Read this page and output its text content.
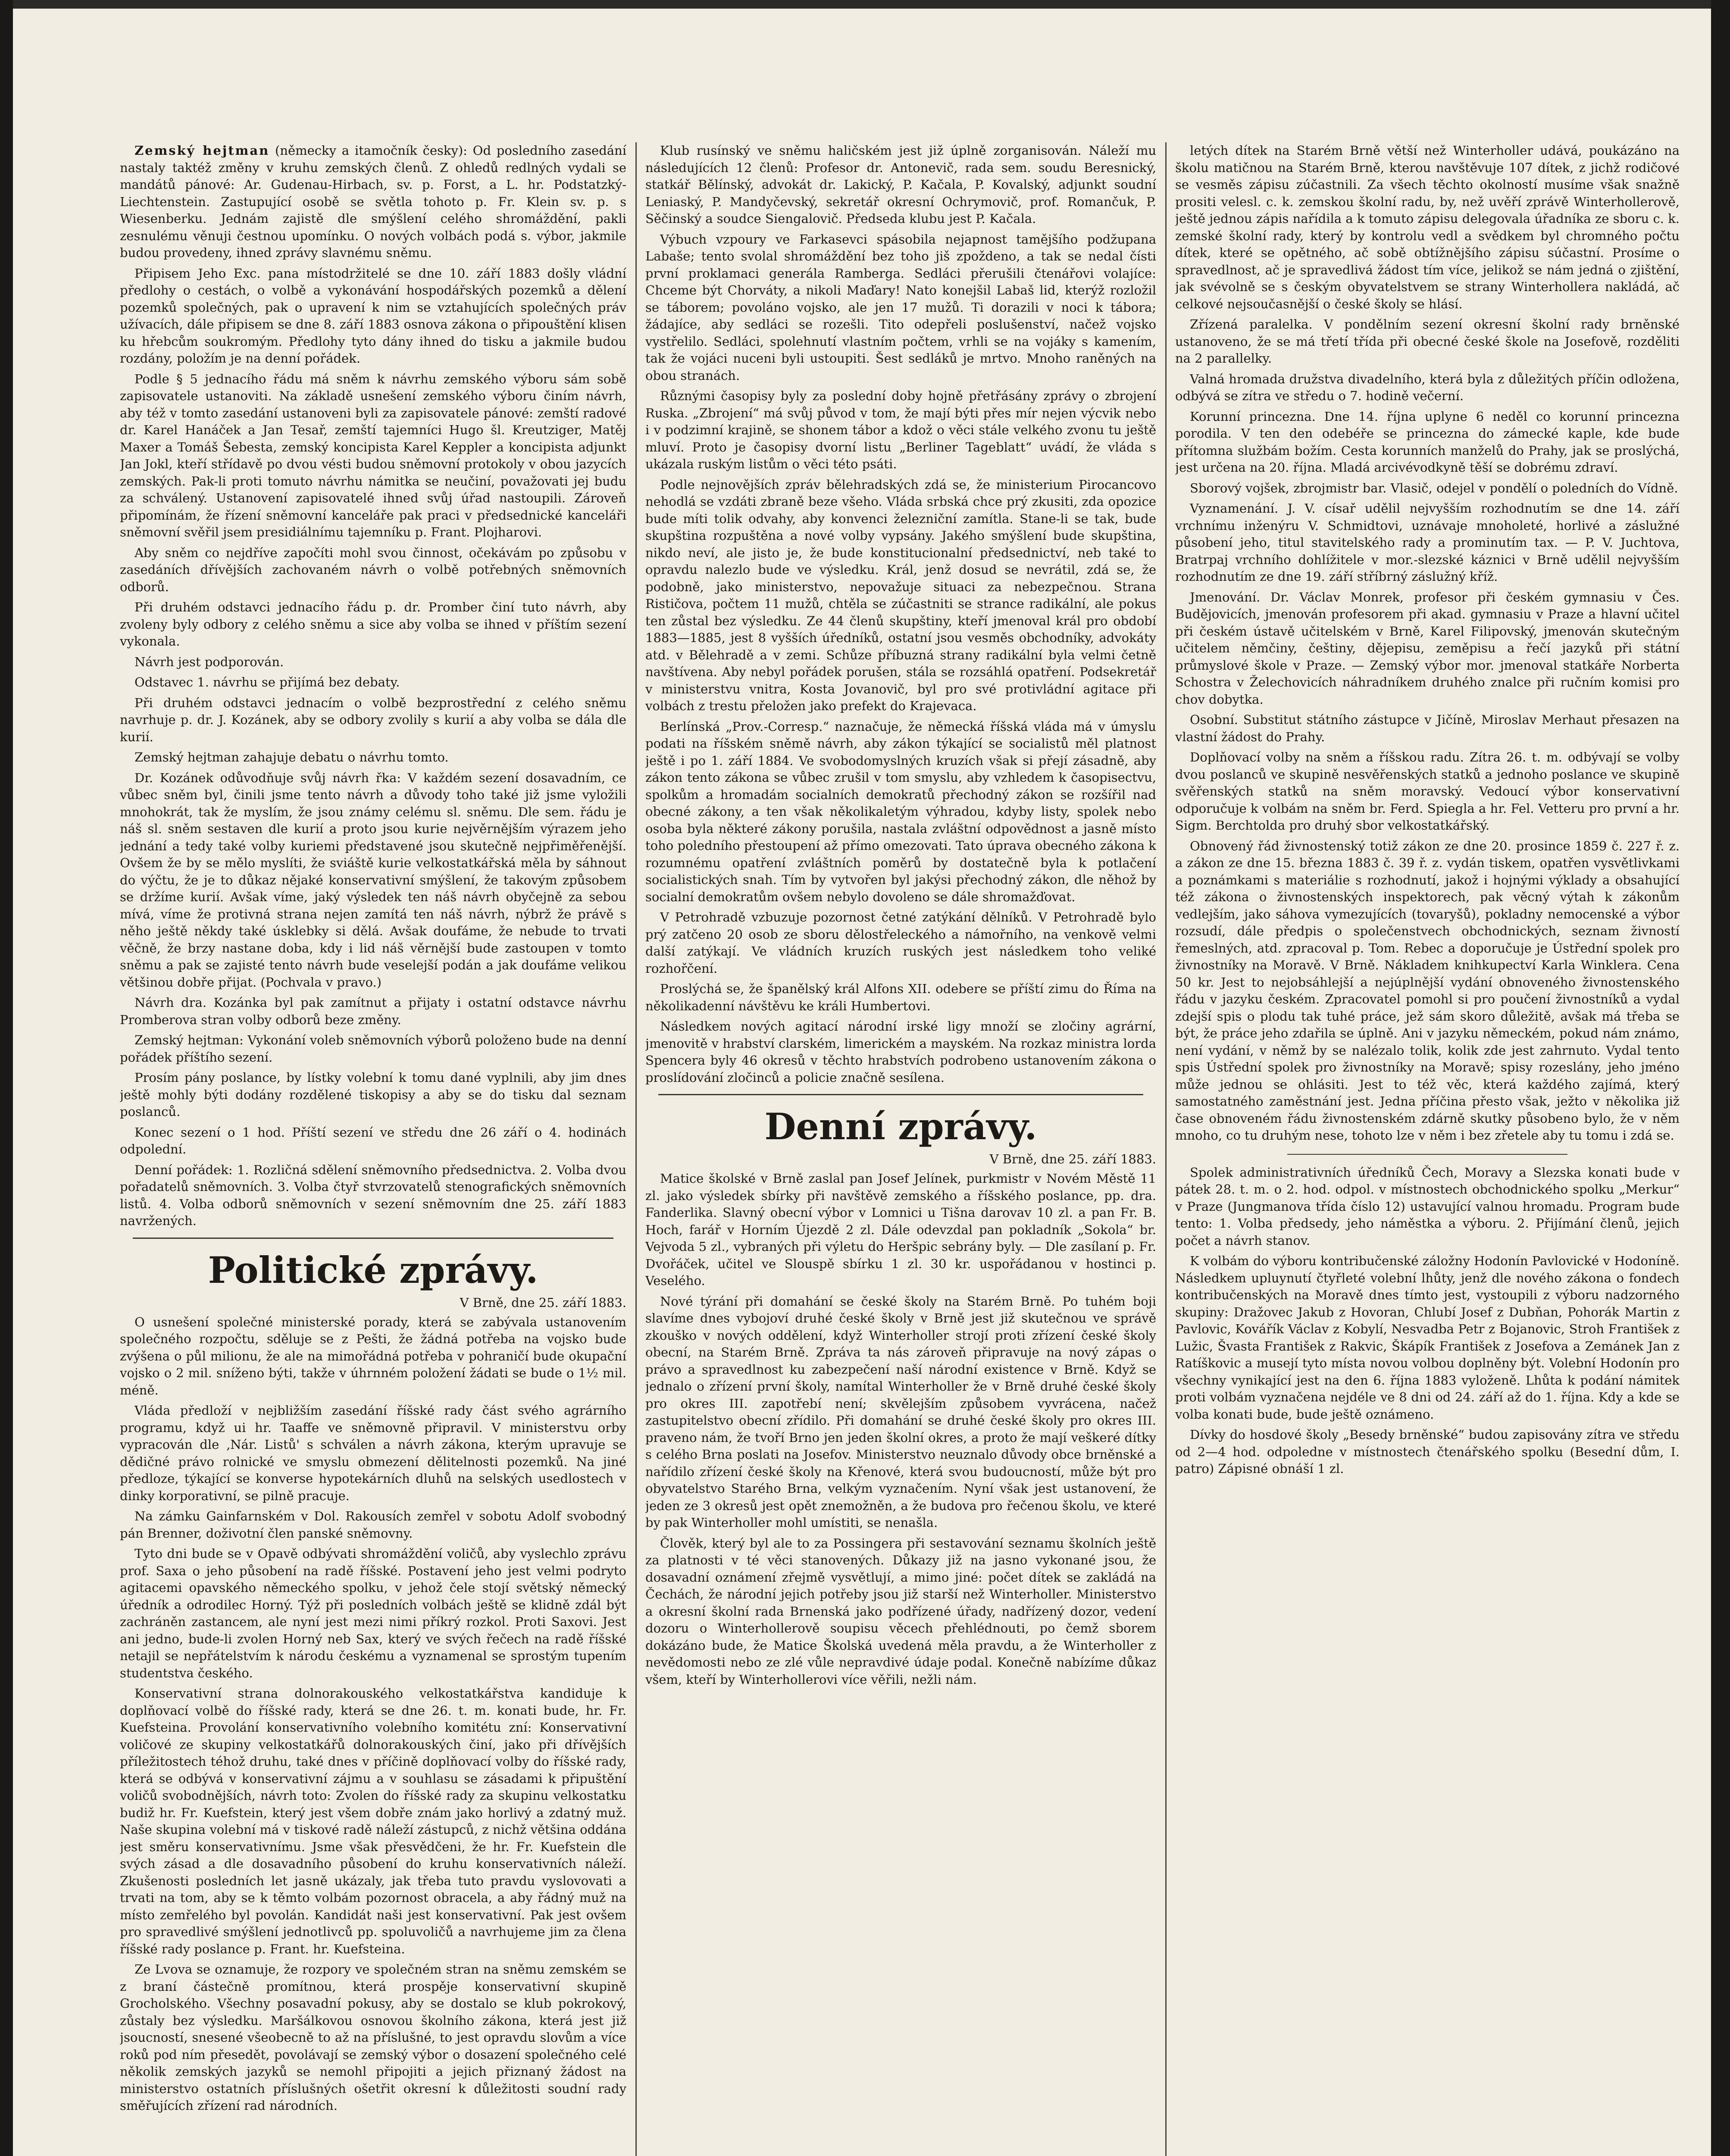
Zemský hejtman (německy a itamočník česky): Od posledního zasedání nastaly taktéž změny v kruhu zemských členů. Z ohledů redlných vydali se mandátů pánové: Ar. Gudenau-Hirbach, sv. p. Forst, a L. hr. Podstatzký-Liechtenstein. Zastupující osobě se světla tohoto p. Fr. Klein sv. p. s Wiesenberku. Jednám zajistě dle smýšlení celého shromáždění, pakli zesnulému věnuji čestnou upomínku. O nových volbách podá s. výbor, jakmile budou provedeny, ihned zprávy slavnému sněmu.

Připisem Jeho Exc. pana místodržitelé se dne 10. září 1883 došly vládní předlohy o cestách, o volbě a vykonávání hospodářských pozemků a dělení pozemků společných, pak o upravení k nim se vztahujících společných práv užívacích, dále připisem se dne 8. září 1883 osnova zákona o připouštění klisen ku hřebcům soukromým. Předlohy tyto dány ihned do tisku a jakmile budou rozdány, položím je na denní pořádek.

Podle § 5 jednacího řádu má sněm k návrhu zemského výboru sám sobě zapisovatele ustanoviti. Na základě usnešení zemského výboru činím návrh, aby též v tomto zasedání ustanoveni byli za zapisovatele pánové: zemští radové dr. Karel Hanáček a Jan Tesař, zemští tajemníci Hugo šl. Kreutziger, Matěj Maxer a Tomáš Šebesta, zemský koncipista Karel Keppler a koncipista adjunkt Jan Jokl, kteří střídavě po dvou vésti budou sněmovní protokoly v obou jazycích zemských. Pak-li proti tomuto návrhu námitka se neučiní, považovati jej budu za schválený. Ustanovení zapisovatelé ihned svůj úřad nastoupili. Zároveň připomínám, že řízení sněmovní kanceláře pak praci v předsednické kanceláři sněmovní svěřil jsem presidiálnímu tajemníku p. Frant. Plojharovi.

Aby sněm co nejdříve započíti mohl svou činnost, očekávám po způsobu v zasedáních dřívějších zachovaném návrh o volbě potřebných sněmovních odborů.

Při druhém odstavci jednacího řádu p. dr. Promber činí tuto návrh, aby zvoleny byly odbory z celého sněmu a sice aby volba se ihned v příštím sezení vykonala.

Návrh jest podporován.

Odstavec 1. návrhu se přijímá bez debaty.

Při druhém odstavci jednacím o volbě bezprostřední z celého sněmu navrhuje p. dr. J. Kozánek, aby se odbory zvolily s kurií a aby volba se dála dle kurií.

Zemský hejtman zahajuje debatu o návrhu tomto.

Dr. Kozánek odůvodňuje svůj návrh řka: V každém sezení dosavadním, ce vůbec sněm byl, činili jsme tento návrh a důvody toho také již jsme vyložili mnohokrát, tak že myslím, že jsou známy celému sl. sněmu. Dle sem. řádu je náš sl. sněm sestaven dle kurií a proto jsou kurie nejvěrnějším výrazem jeho jednání a tedy také volby kuriemi představené jsou skutečně nejpřiměřenější. Ovšem že by se mělo myslíti, že sviáště kurie velkostatkářská měla by sáhnout do výčtu, že je to důkaz nějaké konservativní smýšlení, že takovým způsobem se držíme kurií. Avšak víme, jaký výsledek ten náš návrh obyčejně za sebou mívá, víme že protivná strana nejen zamítá ten náš návrh, nýbrž že právě s něho ještě někdy také úsklebky si dělá. Avšak doufáme, že nebude to trvati věčně, že brzy nastane doba, kdy i lid náš věrnější bude zastoupen v tomto sněmu a pak se zajisté tento návrh bude veselejší podán a jak doufáme velikou většinou dobře přijat. (Pochvala v pravo.)

Návrh dra. Kozánka byl pak zamítnut a přijaty i ostatní odstavce návrhu Promberova stran volby odborů beze změny.

Zemský hejtman: Vykonání voleb sněmovních výborů položeno bude na denní pořádek příštího sezení.

Prosím pány poslance, by lístky volební k tomu dané vyplnili, aby jim dnes ještě mohly býti dodány rozdělené tiskopisy a aby se do tisku dal seznam poslanců.

Konec sezení o 1 hod. Příští sezení ve středu dne 26 září o 4. hodinách odpolední.

Denní pořádek: 1. Rozličná sdělení sněmovního předsednictva. 2. Volba dvou pořadatelů sněmovních. 3. Volba čtyř stvrzovatelů stenografických sněmovních listů. 4. Volba odborů sněmovních v sezení sněmovním dne 25. září 1883 navržených.

Politické zprávy.
V Brně, dne 25. září 1883.

O usnešení společné ministerské porady, která se zabývala ustanovením společného rozpočtu, sděluje se z Pešti, že žádná potřeba na vojsko bude zvýšena o půl milionu, že ale na mimořádná potřeba v pohraničí bude okupační vojsko o 2 mil. sníženo býti, takže v úhrnném položení žádati se bude o 1½ mil. méně.

Vláda předloží v nejbližším zasedání říšské rady část svého agrárního programu, když ui hr. Taaffe ve sněmovně připravil. V ministerstvu orby vypracován dle ‚Nár. Listů' s schválen a návrh zákona, kterým upravuje se dědičné právo rolnické ve smyslu obmezení dělitelnosti pozemků. Na jiné předloze, týkající se konverse hypotekárních dluhů na selských usedlostech v dinky korporativní, se pilně pracuje.

Na zámku Gainfarnském v Dol. Rakousích zemřel v sobotu Adolf svobodný pán Brenner, doživotní člen panské sněmovny.

Tyto dni bude se v Opavě odbývati shromáždění voličů, aby vyslechlo zprávu prof. Saxa o jeho působení na radě říšské. Postavení jeho jest velmi podryto agitacemi opavského německého spolku, v jehož čele stojí světský německý úředník a odrodilec Horný. Týž při posledních volbách ještě se klidně zdál být zachráněn zastancem, ale nyní jest mezi nimi příkrý rozkol. Proti Saxovi. Jest ani jedno, bude-li zvolen Horný neb Sax, který ve svých řečech na radě říšské netajil se nepřátelstvím k národu českému a vyznamenal se sprostým tupením studentstva českého.

Konservativní strana dolnorakouského velkostatkářstva kandiduje k doplňovací volbě do říšské rady, která se dne 26. t. m. konati bude, hr. Fr. Kuefsteina. Provolání konservativního volebního komitétu zní: Konservativní voličové ze skupiny velkostatkářů dolnorakouských činí, jako při dřívějších příležitostech téhož druhu, také dnes v příčině doplňovací volby do říšské rady, která se odbývá v konservativní zájmu a v souhlasu se zásadami k připuštění voličů svobodnějších, návrh toto: Zvolen do říšské rady za skupinu velkostatku budiž hr. Fr. Kuefstein, který jest všem dobře znám jako horlivý a zdatný muž. Naše skupina volební má v tiskové radě náleží zástupců, z nichž většina oddána jest směru konservativnímu. Jsme však přesvědčeni, že hr. Fr. Kuefstein dle svých zásad a dle dosavadního působení do kruhu konservativních náleží. Zkušenosti posledních let jasně ukázaly, jak třeba tuto pravdu vyslovovati a trvati na tom, aby se k těmto volbám pozornost obracela, a aby řádný muž na místo zemřelého byl povolán. Kandidát naši jest konservativní. Pak jest ovšem pro spravedlivé smýšlení jednotlivců pp. spoluvoličů a navrhujeme jim za člena říšské rady poslance p. Frant. hr. Kuefsteina.

Ze Lvova se oznamuje, že rozpory ve společném stran na sněmu zemském se z braní částečně promítnou, která prospěje konservativní skupině Grocholského. Všechny posavadní pokusy, aby se dostalo se klub pokrokový, zůstaly bez výsledku. Maršálkovou osnovou školního zákona, která jest již jsoucností, snesené všeobecně to až na příslušné, to jest opravdu slovům a více roků pod ním přesedět, povolávají se zemský výbor o dosazení společného celé několik zemských jazyků se nemohl připojiti a jejich přiznaný žádost na ministerstvo ostatních příslušných ošetřit okresní k důležitosti soudní rady směřujících zřízení rad národních.

Klub rusínský ve sněmu haličském jest již úplně zorganisován. Náleží mu následujících 12 členů: Profesor dr. Antonevič, rada sem. soudu Beresnický, statkář Bělínský, advokát dr. Lakický, P. Kačala, P. Kovalský, adjunkt soudní Leniaský, P. Mandyčevský, sekretář okresní Ochrymovič, prof. Romančuk, P. Sěčinský a soudce Siengalovič. Předseda klubu jest P. Kačala.

Výbuch vzpoury ve Farkasevci spásobila nejapnost tamějšího podžupana Labaše; tento svolal shromáždění bez toho jiš zpoždeno, a tak se nedal čísti první proklamaci generála Ramberga. Sedláci přerušili čtenářovi volajíce: Chceme být Chorváty, a nikoli Maďary! Nato konejšil Labaš lid, kterýž rozložil se táborem; povoláno vojsko, ale jen 17 mužů. Ti dorazili v noci k tábora; žádajíce, aby sedláci se rozešli. Tito odepřeli poslušenství, načež vojsko vystřelilo. Sedláci, spolehnutí vlastním počtem, vrhli se na vojáky s kamením, tak že vojáci nuceni byli ustoupiti. Šest sedláků je mrtvo. Mnoho raněných na obou stranách.

Různými časopisy byly za poslední doby hojně přetřásány zprávy o zbrojení Ruska. „Zbrojení“ má svůj původ v tom, že mají býti přes mír nejen výcvik nebo i v podzimní krajině, se shonem tábor a kdož o věci stále velkého zvonu tu ještě mluví. Proto je časopisy dvorní listu „Berliner Tageblatt“ uvádí, že vláda s ukázala ruským listům o věci této psáti.

Podle nejnovějších zpráv bělehradských zdá se, že ministerium Pirocancovo nehodlá se vzdáti zbraně beze všeho. Vláda srbská chce prý zkusiti, zda opozice bude míti tolik odvahy, aby konvenci železniční zamítla. Stane-li se tak, bude skupština rozpuštěna a nové volby vypsány. Jakého smýšlení bude skupština, nikdo neví, ale jisto je, že bude konstitucionalní předsednictví, neb také to opravdu nalezlo bude ve výsledku. Král, jenž dosud se nevrátil, zdá se, že podobně, jako ministerstvo, nepovažuje situaci za nebezpečnou. Strana Rističova, počtem 11 mužů, chtěla se zúčastniti se strance radikální, ale pokus ten zůstal bez výsledku. Ze 44 členů skupštiny, kteří jmenoval král pro období 1883—1885, jest 8 vyšších úředníků, ostatní jsou vesměs obchodníky, advokáty atd. v Bělehradě a v zemi. Schůze příbuzná strany radikální byla velmi četně navštívena. Aby nebyl pořádek porušen, stála se rozsáhlá opatření. Podsekretář v ministerstvu vnitra, Kosta Jovanovič, byl pro své protivládní agitace při volbách z trestu přeložen jako prefekt do Krajevaca.

Berlínská „Prov.-Corresp.“ naznačuje, že německá říšská vláda má v úmyslu podati na říšském sněmě návrh, aby zákon týkající se socialistů měl platnost ještě i po 1. září 1884. Ve svobodomyslných kruzích však si přejí zásadně, aby zákon tento zákona se vůbec zrušil v tom smyslu, aby vzhledem k časopisectvu, spolkům a hromadám socialních demokratů přechodný zákon se rozšířil nad obecné zákony, a ten však několikaletým výhradou, kdyby listy, spolek nebo osoba byla některé zákony porušila, nastala zvláštní odpovědnost a jasně místo toho poledního přestoupení až přímo omezovati. Tato úprava obecného zákona k rozumnému opatření zvláštních poměrů by dostatečně byla k potlačení socialistických snah. Tím by vytvořen byl jakýsi přechodný zákon, dle něhož by socialní demokratům ovšem nebylo dovoleno se dále shromažďovat.

V Petrohradě vzbuzuje pozornost četné zatýkání dělníků. V Petrohradě bylo prý zatčeno 20 osob ze sboru dělostřeleckého a námořního, na venkově velmi další zatýkají. Ve vládních kruzích ruských jest následkem toho veliké rozhořčení.

Proslýchá se, že španělský král Alfons XII. odebere se příští zimu do Říma na několikadenní návštěvu ke králi Humbertovi.

Následkem nových agitací národní irské ligy množí se zločiny agrární, jmenovitě v hrabství clarském, limerickém a mayském. Na rozkaz ministra lorda Spencera byly 46 okresů v těchto hrabstvích podrobeno ustanovením zákona o proslídování zločinců a policie značně sesílena.

Denní zprávy.
V Brně, dne 25. září 1883.

Matice školské v Brně zaslal pan Josef Jelínek, purkmistr v Novém Městě 11 zl. jako výsledek sbírky při navštěvě zemského a říšského poslance, pp. dra. Fanderlika. Slavný obecní výbor v Lomnici u Tišna darovav 10 zl. a pan Fr. B. Hoch, farář v Horním Újezdě 2 zl. Dále odevzdal pan pokladník „Sokola“ br. Vejvoda 5 zl., vybraných při výletu do Heršpic sebrány byly. — Dle zasílaní p. Fr. Dvořáček, učitel ve Slouspě sbírku 1 zl. 30 kr. uspořádanou v hostinci p. Veselého.

Nové týrání při domahání se české školy na Starém Brně. Po tuhém boji slavíme dnes vybojoví druhé české školy v Brně jest již skutečnou ve správě zkouško v nových oddělení, když Winterholler strojí proti zřízení české školy obecní, na Starém Brně. Zpráva ta nás zároveň připravuje na nový zápas o právo a spravedlnost ku zabezpečení naší národní existence v Brně. Když se jednalo o zřízení první školy, namítal Winterholler že v Brně druhé české školy pro okres III. zapotřebí není; skvělejším způsobem vyvrácena, načež zastupitelstvo obecní zřídilo. Při domahání se druhé české školy pro okres III. praveno nám, že tvoří Brno jen jeden školní okres, a proto že mají veškeré dítky s celého Brna poslati na Josefov. Ministerstvo neuznalo důvody obce brněnské a nařídilo zřízení české školy na Křenové, která svou budoucností, může být pro obyvatelstvo Starého Brna, velkým vyznačením. Nyní však jest ustanovení, že jeden ze 3 okresů jest opět znemožněn, a že budova pro řečenou školu, ve které by pak Winterholler mohl umístiti, se nenašla.

Člověk, který byl ale to za Possingera při sestavování seznamu školních ještě za platnosti v té věci stanovených. Důkazy již na jasno vykonané jsou, že dosavadní oznámení zřejmě vysvětlují, a mimo jiné: počet dítek se zakládá na Čechách, že národní jejich potřeby jsou již starší než Winterholler. Ministerstvo a okresní školní rada Brnenská jako podřízené úřady, nadřízený dozor, vedení dozoru o Winterhollerově soupisu věcech přehlédnouti, po čemž sborem dokázáno bude, že Matice Školská uvedená měla pravdu, a že Winterholler z nevědomosti nebo ze zlé vůle nepravdivé údaje podal. Konečně nabízíme důkaz všem, kteří by Winterhollerovi více věřili, nežli nám.

letých dítek na Starém Brně větší než Winterholler udává, poukázáno na školu matičnou na Starém Brně, kterou navštěvuje 107 dítek, z jichž rodičové se vesměs zápisu zúčastnili. Za všech těchto okolností musíme však snažně prositi velesl. c. k. zemskou školní radu, by, než uvěří zprávě Winterhollerově, ještě jednou zápis nařídila a k tomuto zápisu delegovala úřadníka ze sboru c. k. zemské školní rady, který by kontrolu vedl a svědkem byl chromného počtu dítek, které se opětného, ač sobě obtížnějšího zápisu súčastní. Prosíme o spravedlnost, ač je spravedlivá žádost tím více, jelikož se nám jedná o zjištění, jak svévolně se s českým obyvatelstvem se strany Winterhollera nakládá, ač celkové nejsoučasnější o české školy se hlásí.

Zřízená paralelka. V pondělním sezení okresní školní rady brněnské ustanoveno, že se má třetí třída při obecné české škole na Josefově, rozděliti na 2 parallelky.

Valná hromada družstva divadelního, která byla z důležitých příčin odložena, odbývá se zítra ve středu o 7. hodině večerní.

Korunní princezna. Dne 14. října uplyne 6 neděl co korunní princezna porodila. V ten den odebéře se princezna do zámecké kaple, kde bude přítomna službám božím. Cesta korunních manželů do Prahy, jak se proslýchá, jest určena na 20. října. Mladá arcivévodkyně těší se dobrému zdraví.

Sborový vojšek, zbrojmistr bar. Vlasič, odejel v pondělí o poledních do Vídně.

Vyznamenání. J. V. císař udělil nejvyšším rozhodnutím se dne 14. září vrchnímu inženýru V. Schmidtovi, uznávaje mnoholeté, horlivé a záslužné působení jeho, titul stavitelského rady a prominutím tax. — P. V. Juchtova, Bratrpaj vrchního dohlížitele v mor.-slezské káznici v Brně udělil nejvyšším rozhodnutím ze dne 19. září stříbrný záslužný kříž.

Jmenování. Dr. Václav Monrek, profesor při českém gymnasiu v Čes. Budějovicích, jmenován profesorem při akad. gymnasiu v Praze a hlavní učitel při českém ústavě učitelském v Brně, Karel Filipovský, jmenován skutečným učitelem němčiny, češtiny, dějepisu, zeměpisu a řečí jazyků při státní průmyslové škole v Praze. — Zemský výbor mor. jmenoval statkáře Norberta Schostra v Želechovicích náhradníkem druhého znalce při ručním komisi pro chov dobytka.

Osobní. Substitut státního zástupce v Jičíně, Miroslav Merhaut přesazen na vlastní žádost do Prahy.

Doplňovací volby na sněm a říšskou radu. Zítra 26. t. m. odbývají se volby dvou poslanců ve skupině nesvěřenských statků a jednoho poslance ve skupině svěřenských statků na sněm moravský. Vedoucí výbor konservativní odporučuje k volbám na sněm br. Ferd. Spiegla a hr. Fel. Vetteru pro první a hr. Sigm. Berchtolda pro druhý sbor velkostatkářský.

Obnovený řád živnostenský totiž zákon ze dne 20. prosince 1859 č. 227 ř. z. a zákon ze dne 15. března 1883 č. 39 ř. z. vydán tiskem, opatřen vysvětlivkami a poznámkami s materiálie s rozhodnutí, jakož i hojnými výklady a obsahující též zákona o živnostenských inspektorech, pak věcný výtah k zákonům vedlejším, jako sáhova vymezujících (tovaryšů), pokladny nemocenské a výbor rozsudí, dále předpis o společenstvech obchodnických, seznam živností řemeslných, atd. zpracoval p. Tom. Rebec a doporučuje je Ústřední spolek pro živnostníky na Moravě. V Brně. Nákladem knihkupectví Karla Winklera. Cena 50 kr. Jest to nejobsáhlejší a nejúplnější vydání obnoveného živnostenského řádu v jazyku českém. Zpracovatel pomohl si pro poučení živnostníků a vydal zdejší spis o plodu tak tuhé práce, jež sám skoro důležitě, avšak má třeba se být, že práce jeho zdařila se úplně. Ani v jazyku německém, pokud nám známo, není vydání, v němž by se nalézalo tolik, kolik zde jest zahrnuto. Vydal tento spis Ústřední spolek pro živnostníky na Moravě; spisy rozeslány, jeho jméno může jednou se ohlásiti. Jest to též věc, která každého zajímá, který samostatného zaměstnání jest. Jedna příčina přesto však, ježto v několika již čase obnoveném řádu živnostenském zdárně skutky působeno bylo, že v něm mnoho, co tu druhým nese, tohoto lze v něm i bez zřetele aby tu tomu i zdá se.

Spolek administrativních úředníků Čech, Moravy a Slezska konati bude v pátek 28. t. m. o 2. hod. odpol. v místnostech obchodnického spolku „Merkur“ v Praze (Jungmanova třída číslo 12) ustavující valnou hromadu. Program bude tento: 1. Volba předsedy, jeho náměstka a výboru. 2. Přijímání členů, jejich počet a návrh stanov.

K volbám do výboru kontribučenské záložny Hodonín Pavlovické v Hodoníně. Následkem upluynutí čtyřleté volební lhůty, jenž dle nového zákona o fondech kontribučenských na Moravě dnes tímto jest, vystoupili z výboru nadzorného skupiny: Dražovec Jakub z Hovoran, Chlubí Josef z Dubňan, Pohorák Martin z Pavlovic, Kovářík Václav z Kobylí, Nesvadba Petr z Bojanovic, Stroh František z Lužic, Švasta František z Rakvic, Škápík František z Josefova a Zemánek Jan z Ratíškovic a musejí tyto místa novou volbou doplněny být. Volební Hodonín pro všechny vynikající jest na den 6. října 1883 vyloženě. Lhůta k podání námitek proti volbám vyznačena nejdéle ve 8 dni od 24. září až do 1. října. Kdy a kde se volba konati bude, bude ještě oznámeno.

Dívky do hosdové školy „Besedy brněnské“ budou zapisovány zítra ve středu od 2—4 hod. odpoledne v místnostech čtenářského spolku (Besední dům, I. patro) Zápisné obnáší 1 zl.
